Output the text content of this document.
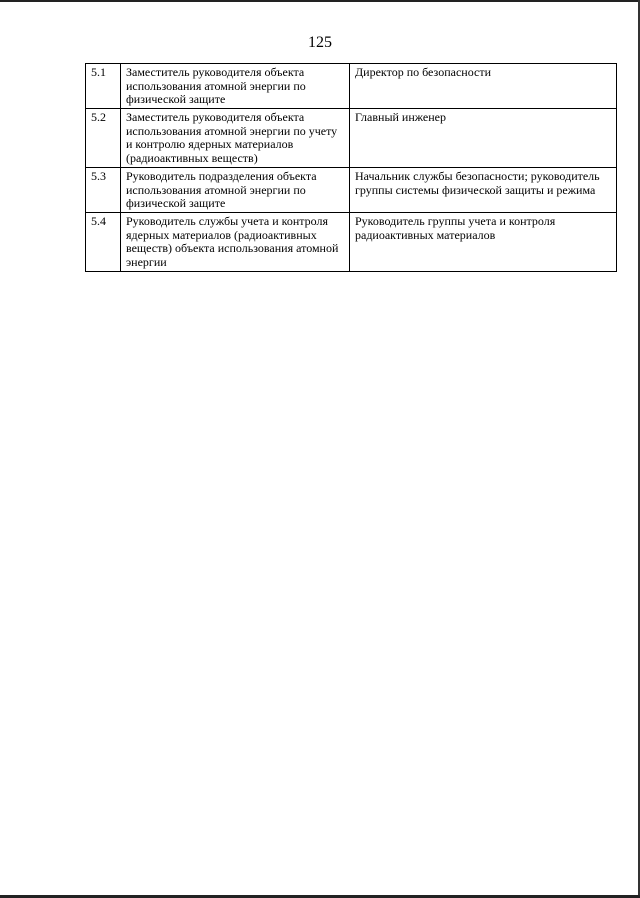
125
5.1	Заместитель руководителя объекта использования атомной энергии по физической защите	Директор по безопасности

5.2	Заместитель руководителя объекта использования атомной энергии по учету и контролю ядерных материалов (радиоактивных веществ)	Главный инженер

5.3	Руководитель подразделения объекта использования атомной энергии по физической защите	Начальник службы безопасности; руководитель группы системы физической защиты и режима

5.4	Руководитель службы учета и контроля ядерных материалов (радиоактивных веществ) объекта использования атомной энергии	Руководитель группы учета и контроля радиоактивных материалов
